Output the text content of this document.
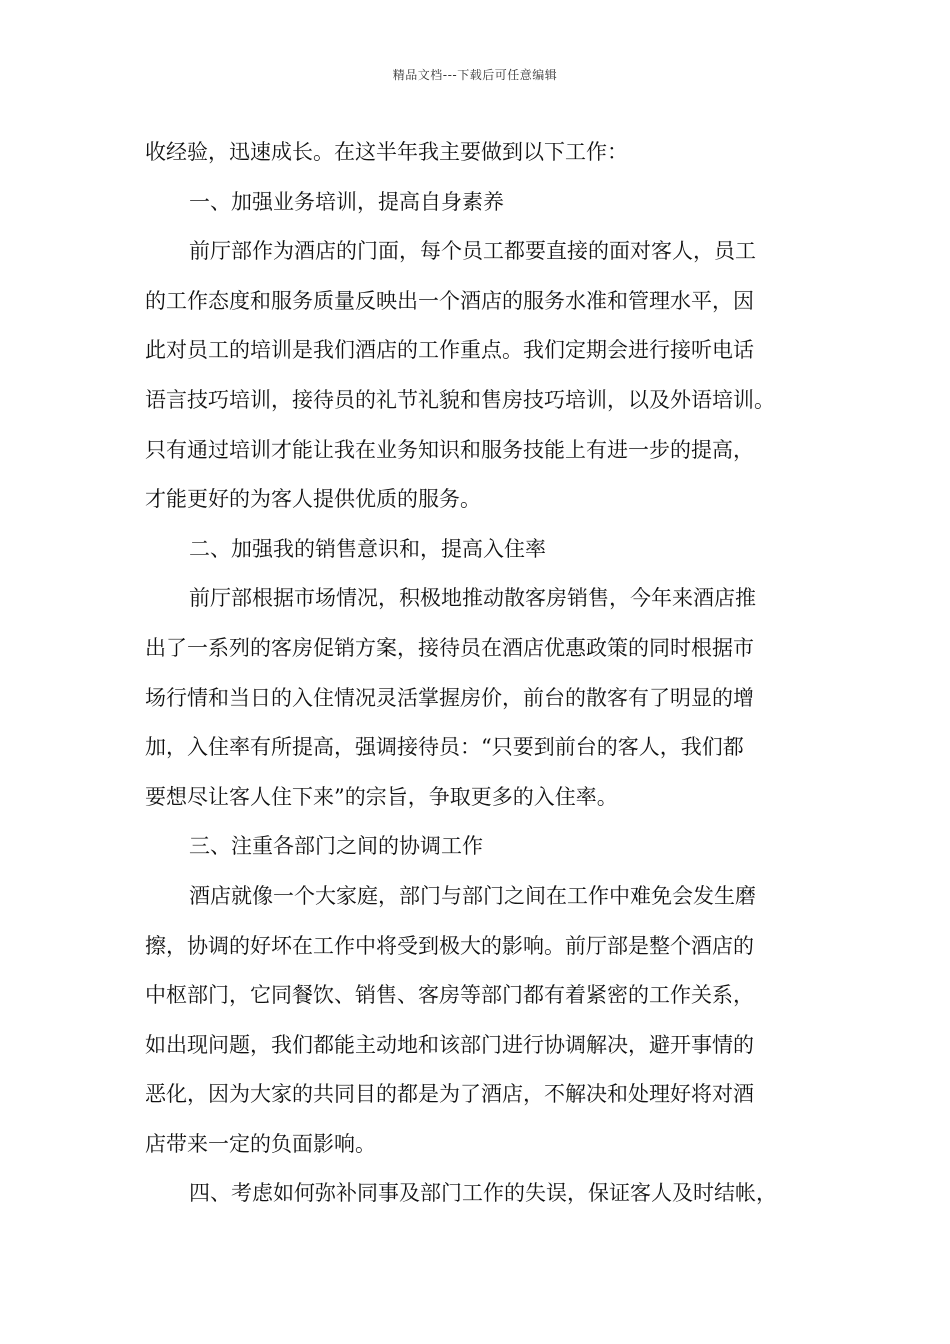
精品文档---下载后可任意编辑
收经验，迅速成长。在这半年我主要做到以下工作：
一、加强业务培训，提高自身素养
前厅部作为酒店的门面，每个员工都要直接的面对客人，员工
的工作态度和服务质量反映出一个酒店的服务水准和管理水平，因
此对员工的培训是我们酒店的工作重点。我们定期会进行接听电话
语言技巧培训，接待员的礼节礼貌和售房技巧培训，以及外语培训。
只有通过培训才能让我在业务知识和服务技能上有进一步的提高，
才能更好的为客人提供优质的服务。
二、加强我的销售意识和，提高入住率
前厅部根据市场情况，积极地推动散客房销售，今年来酒店推
出了一系列的客房促销方案，接待员在酒店优惠政策的同时根据市
场行情和当日的入住情况灵活掌握房价，前台的散客有了明显的增
加，入住率有所提高，强调接待员：“只要到前台的客人，我们都
要想尽让客人住下来”的宗旨，争取更多的入住率。
三、注重各部门之间的协调工作
酒店就像一个大家庭，部门与部门之间在工作中难免会发生磨
擦，协调的好坏在工作中将受到极大的影响。前厅部是整个酒店的
中枢部门，它同餐饮、销售、客房等部门都有着紧密的工作关系，
如出现问题，我们都能主动地和该部门进行协调解决，避开事情的
恶化，因为大家的共同目的都是为了酒店，不解决和处理好将对酒
店带来一定的负面影响。
四、考虑如何弥补同事及部门工作的失误，保证客人及时结帐，
